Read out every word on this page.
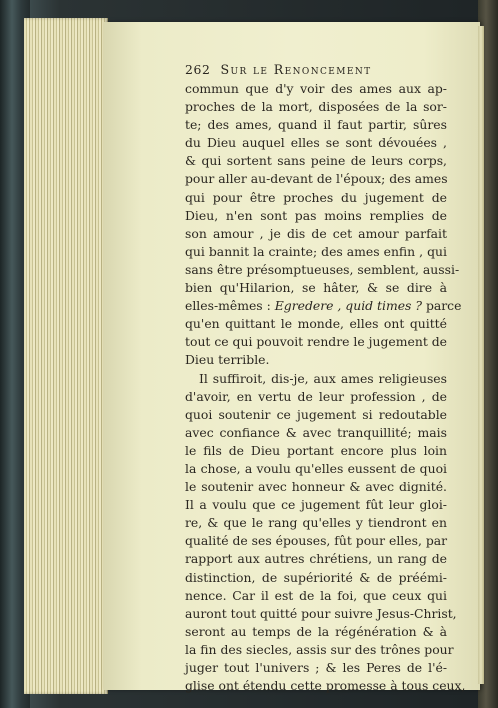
262 Sur le Renoncement
commun que d'y voir des ames aux ap-
proches de la mort, disposées de la sor-
te; des ames, quand il faut partir, sûres
du Dieu auquel elles se sont dévouées ,
& qui sortent sans peine de leurs corps,
pour aller au-devant de l'époux; des ames
qui pour être proches du jugement de
Dieu, n'en sont pas moins remplies de
son amour , je dis de cet amour parfait
qui bannit la crainte; des ames enfin , qui
sans être présomptueuses, semblent, aussi-
bien qu'Hilarion, se hâter, & se dire à
elles-mêmes : Egredere , quid times ? parce
qu'en quittant le monde, elles ont quitté
tout ce qui pouvoit rendre le jugement de
Dieu terrible.
Il suffiroit, dis-je, aux ames religieuses
d'avoir, en vertu de leur profession , de
quoi soutenir ce jugement si redoutable
avec confiance & avec tranquillité; mais
le fils de Dieu portant encore plus loin
la chose, a voulu qu'elles eussent de quoi
le soutenir avec honneur & avec dignité.
Il a voulu que ce jugement fût leur gloi-
re, & que le rang qu'elles y tiendront en
qualité de ses épouses, fût pour elles, par
rapport aux autres chrétiens, un rang de
distinction, de supériorité & de préémi-
nence. Car il est de la foi, que ceux qui
auront tout quitté pour suivre Jesus-Christ,
seront au temps de la régénération & à
la fin des siecles, assis sur des trônes pour
juger tout l'univers ; & les Peres de l'é-
glise ont étendu cette promesse à tous ceux,
